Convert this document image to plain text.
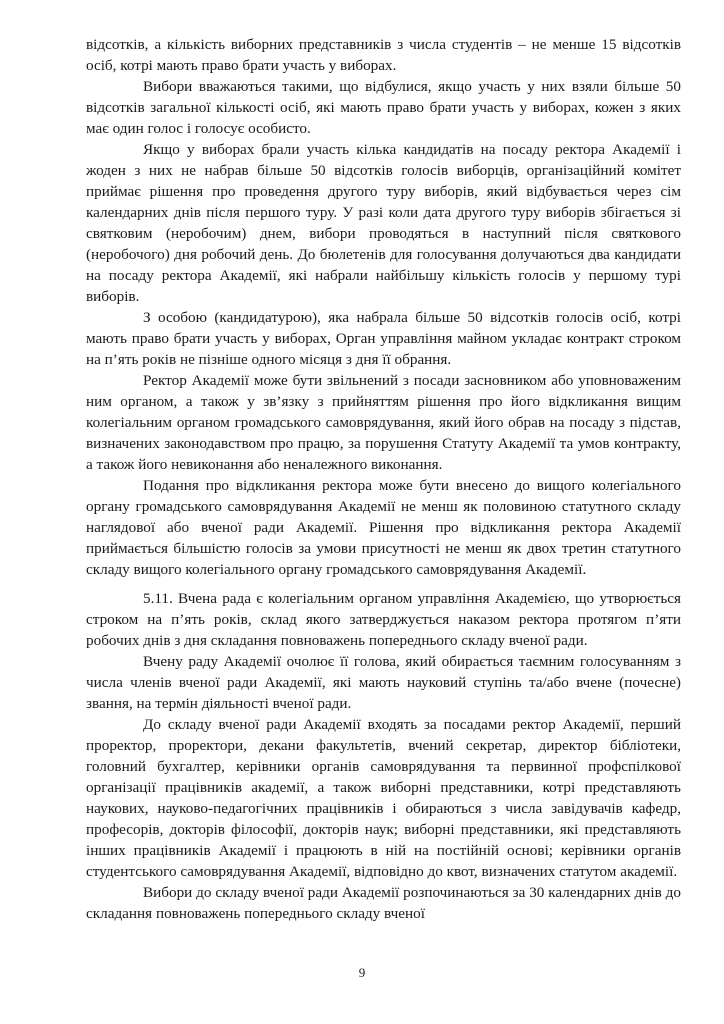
відсотків, а кількість виборних представників з числа студентів – не менше 15 відсотків осіб, котрі мають право брати участь у виборах.

Вибори вважаються такими, що відбулися, якщо участь у них взяли більше 50 відсотків загальної кількості осіб, які мають право брати участь у виборах, кожен з яких має один голос і голосує особисто.

Якщо у виборах брали участь кілька кандидатів на посаду ректора Академії і жоден з них не набрав більше 50 відсотків голосів виборців, організаційний комітет приймає рішення про проведення другого туру виборів, який відбувається через сім календарних днів після першого туру. У разі коли дата другого туру виборів збігається зі святковим (неробочим) днем, вибори проводяться в наступний після святкового (неробочого) дня робочий день. До бюлетенів для голосування долучаються два кандидати на посаду ректора Академії, які набрали найбільшу кількість голосів у першому турі виборів.

З особою (кандидатурою), яка набрала більше 50 відсотків голосів осіб, котрі мають право брати участь у виборах, Орган управління майном укладає контракт строком на п’ять років не пізніше одного місяця з дня її обрання.

Ректор Академії може бути звільнений з посади засновником або уповноваженим ним органом, а також у зв’язку з прийняттям рішення про його відкликання вищим колегіальним органом громадського самоврядування, який його обрав на посаду з підстав, визначених законодавством про працю, за порушення Статуту Академії та умов контракту, а також його невиконання або неналежного виконання.

Подання про відкликання ректора може бути внесено до вищого колегіального органу громадського самоврядування Академії не менш як половиною статутного складу наглядової або вченої ради Академії. Рішення про відкликання ректора Академії приймається більшістю голосів за умови присутності не менш як двох третин статутного складу вищого колегіального органу громадського самоврядування Академії.

5.11. Вчена рада є колегіальним органом управління Академією, що утворюється строком на п’ять років, склад якого затверджується наказом ректора протягом п’яти робочих днів з дня складання повноважень попереднього складу вченої ради.

Вчену раду Академії очолює її голова, який обирається таємним голосуванням з числа членів вченої ради Академії, які мають науковий ступінь та/або вчене (почесне) звання, на термін діяльності вченої ради.

До складу вченої ради Академії входять за посадами ректор Академії, перший проректор, проректори, декани факультетів, вчений секретар, директор бібліотеки, головний бухгалтер, керівники органів самоврядування та первинної профспілкової організації працівників академії, а також виборні представники, котрі представляють наукових, науково-педагогічних працівників і обираються з числа завідувачів кафедр, професорів, докторів філософії, докторів наук; виборні представники, які представляють інших працівників Академії і працюють в ній на постійній основі; керівники органів студентського самоврядування Академії, відповідно до квот, визначених статутом академії.

Вибори до складу вченої ради Академії розпочинаються за 30 календарних днів до складання повноважень попереднього складу вченої

9
